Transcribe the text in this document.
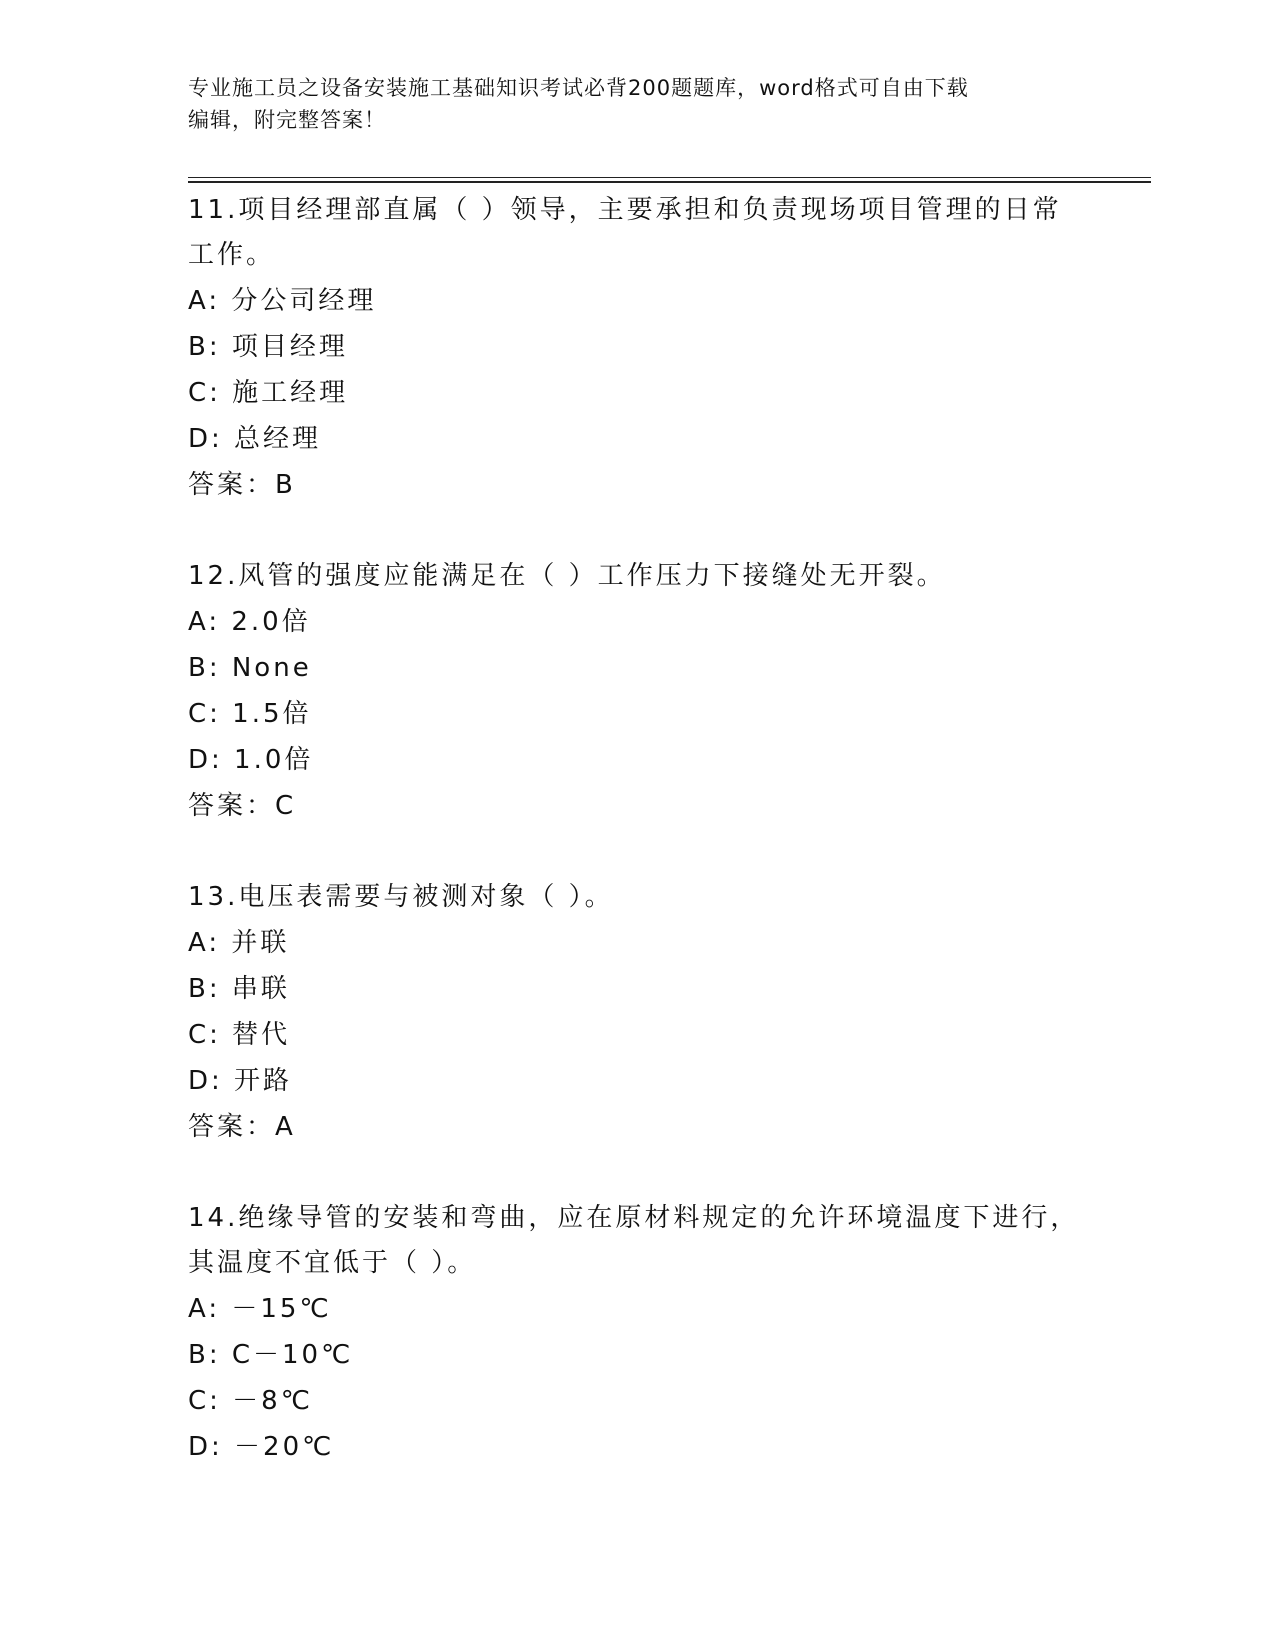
专业施工员之设备安装施工基础知识考试必背200题题库，word格式可自由下载
编辑，附完整答案！
11.项目经理部直属（ ）领导，主要承担和负责现场项目管理的日常
工作。
A: 分公司经理
B: 项目经理
C: 施工经理
D: 总经理
答案：B
12.风管的强度应能满足在（ ）工作压力下接缝处无开裂。
A: 2.0倍
B: None
C: 1.5倍
D: 1.0倍
答案：C
13.电压表需要与被测对象（ ）。
A: 并联
B: 串联
C: 替代
D: 开路
答案：A
14.绝缘导管的安装和弯曲，应在原材料规定的允许环境温度下进行，
其温度不宜低于（ ）。
A: －15℃
B: C－10℃
C: －8℃
D: －20℃
